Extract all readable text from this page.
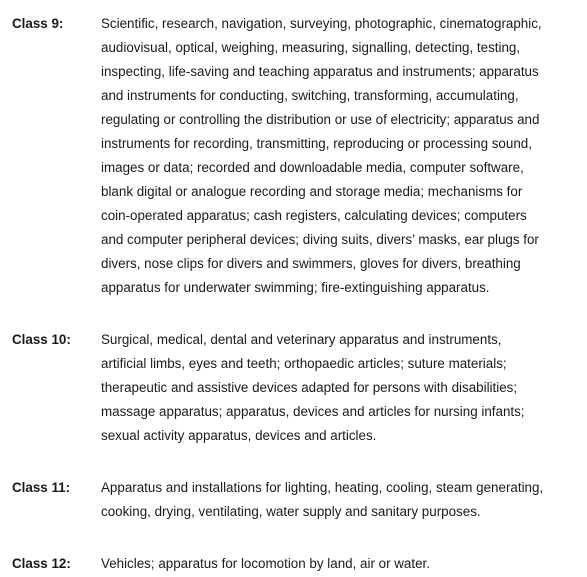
Class 9:	Scientific, research, navigation, surveying, photographic, cinematographic,
audiovisual, optical, weighing, measuring, signalling, detecting, testing,
inspecting, life-saving and teaching apparatus and instruments; apparatus
and instruments for conducting, switching, transforming, accumulating,
regulating or controlling the distribution or use of electricity; apparatus and
instruments for recording, transmitting, reproducing or processing sound,
images or data; recorded and downloadable media, computer software,
blank digital or analogue recording and storage media; mechanisms for
coin-operated apparatus; cash registers, calculating devices; computers
and computer peripheral devices; diving suits, divers’ masks, ear plugs for
divers, nose clips for divers and swimmers, gloves for divers, breathing
apparatus for underwater swimming; fire-extinguishing apparatus.
Class 10: Surgical, medical, dental and veterinary apparatus and instruments,
artificial limbs, eyes and teeth; orthopaedic articles; suture materials;
therapeutic and assistive devices adapted for persons with disabilities;
massage apparatus; apparatus, devices and articles for nursing infants;
sexual activity apparatus, devices and articles.
Class 11: Apparatus and installations for lighting, heating, cooling, steam generating,
cooking, drying, ventilating, water supply and sanitary purposes.
Class 12: Vehicles; apparatus for locomotion by land, air or water.
